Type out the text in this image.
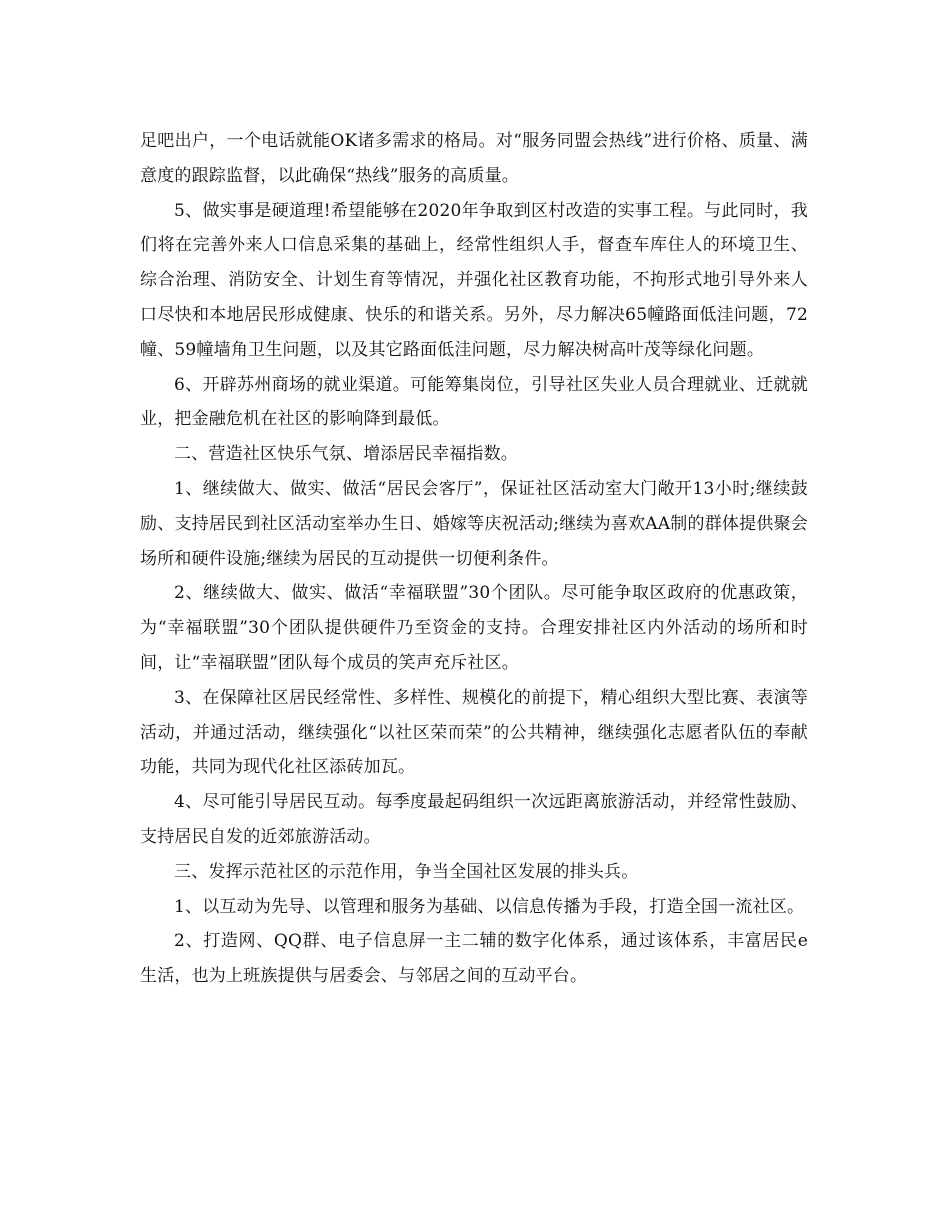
足吧出户，一个电话就能OK诸多需求的格局。对“服务同盟会热线”进行价格、质量、满意度的跟踪监督，以此确保“热线”服务的高质量。

5、做实事是硬道理!希望能够在2020年争取到区村改造的实事工程。与此同时，我们将在完善外来人口信息采集的基础上，经常性组织人手，督查车库住人的环境卫生、综合治理、消防安全、计划生育等情况，并强化社区教育功能，不拘形式地引导外来人口尽快和本地居民形成健康、快乐的和谐关系。另外，尽力解决65幢路面低洼问题，72幢、59幢墙角卫生问题，以及其它路面低洼问题，尽力解决树高叶茂等绿化问题。

6、开辟苏州商场的就业渠道。可能筹集岗位，引导社区失业人员合理就业、迁就就业，把金融危机在社区的影响降到最低。

二、营造社区快乐气氛、增添居民幸福指数。

1、继续做大、做实、做活“居民会客厅”，保证社区活动室大门敞开13小时;继续鼓励、支持居民到社区活动室举办生日、婚嫁等庆祝活动;继续为喜欢AA制的群体提供聚会场所和硬件设施;继续为居民的互动提供一切便利条件。

2、继续做大、做实、做活“幸福联盟”30个团队。尽可能争取区政府的优惠政策，为“幸福联盟”30个团队提供硬件乃至资金的支持。合理安排社区内外活动的场所和时间，让“幸福联盟”团队每个成员的笑声充斥社区。

3、在保障社区居民经常性、多样性、规模化的前提下，精心组织大型比赛、表演等活动，并通过活动，继续强化“以社区荣而荣”的公共精神，继续强化志愿者队伍的奉献功能，共同为现代化社区添砖加瓦。

4、尽可能引导居民互动。每季度最起码组织一次远距离旅游活动，并经常性鼓励、支持居民自发的近郊旅游活动。

三、发挥示范社区的示范作用，争当全国社区发展的排头兵。

1、以互动为先导、以管理和服务为基础、以信息传播为手段，打造全国一流社区。

2、打造网、QQ群、电子信息屏一主二辅的数字化体系，通过该体系，丰富居民e生活，也为上班族提供与居委会、与邻居之间的互动平台。
